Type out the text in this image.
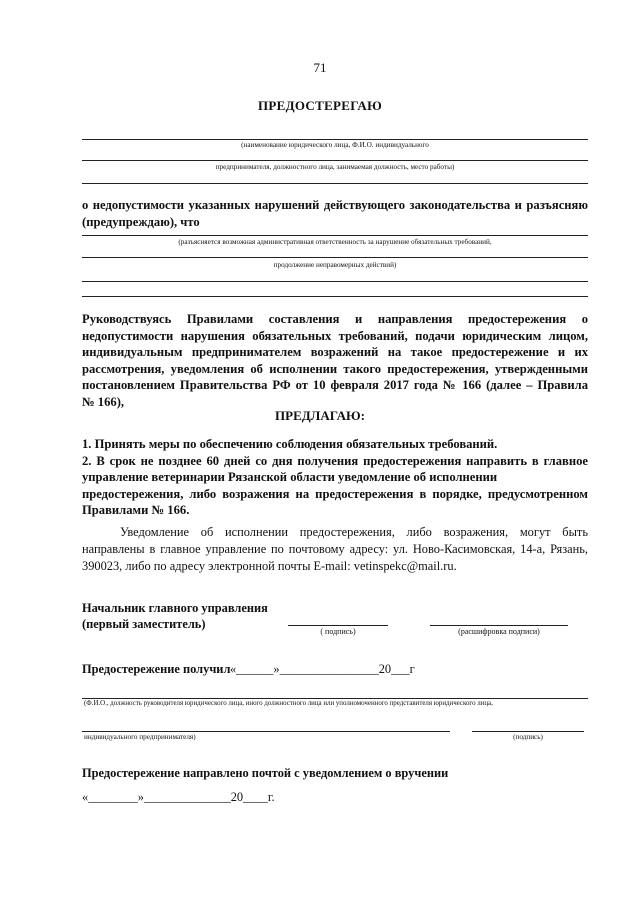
71
ПРЕДОСТЕРЕГАЮ
(наименование юридического лица, Ф.И.О. индивидуального
предпринимателя, должностного лица, занимаемая должность, место работы)
о недопустимости указанных нарушений действующего законодательства и разъясняю
(предупреждаю), что
(разъясняется возможная административная ответственность за нарушение обязательных требований,
продолжение неправомерных действий)
Руководствуясь Правилами составления и направления предостережения о
недопустимости нарушения обязательных требований, подачи юридическим лицом,
индивидуальным предпринимателем возражений на такое предостережение и их
рассмотрения, уведомления об исполнении такого предостережения, утвержденными
постановлением Правительства РФ от 10 февраля 2017 года № 166 (далее – Правила
№ 166),
ПРЕДЛАГАЮ:
1. Принять меры по обеспечению соблюдения обязательных требований.
2. В срок не позднее 60 дней со дня получения предостережения направить в главное
управление ветеринарии Рязанской области уведомление об исполнении
предостережения, либо возражения на предостережения в порядке, предусмотренном
Правилами № 166.
Уведомление об исполнении предостережения, либо возражения, могут быть
направлены в главное управление по почтовому адресу: ул. Ново-Касимовская, 14-а, Рязань,
390023, либо по адресу электронной почты E-mail: vetinspekc@mail.ru.
Начальник главного управления
(первый заместитель)
( подпись)	(расшифровка подписи)
Предостережение получил «______»________________20___г
(Ф.И.О., должность руководителя юридического лица, иного должностного лица или уполномоченного представителя юридического лица,
индивидуального предпринимателя)	(подпись)
Предостережение направлено почтой с уведомлением о вручении
«________»______________20____г.
